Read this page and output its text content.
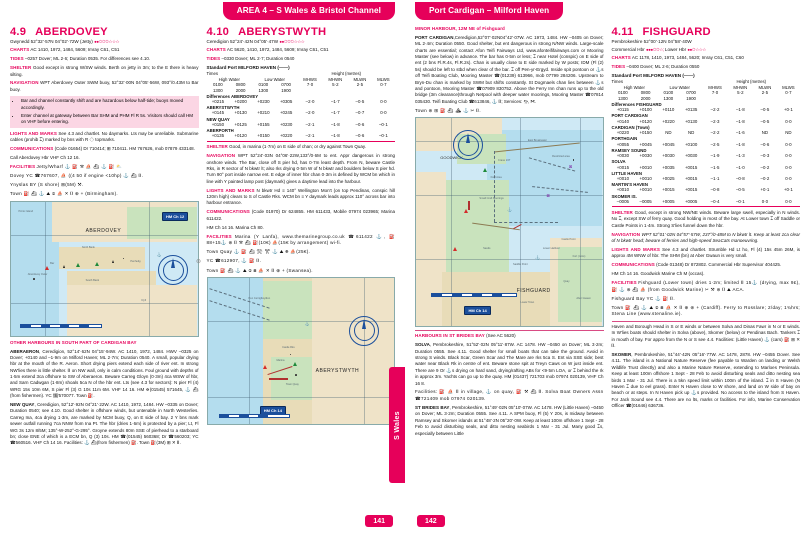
AREA 4 – S Wales & Bristol Channel
4.9 ABERDOVEY
Gwynedd 52°32'·57N 04°02'·72W (Jetty) ●●✩✩✩☆☆☆
CHARTS AC 1410, 1972, 1484, 5609; Imray C61, C51
TIDES –0257 Dover; ML 2·6; Duration 0535. For differences see 4.10.
SHELTER Good except in strong W/SW winds. Berth on jetty in 3m; to the E there is heavy silting.
NAVIGATION WPT Aberdovey Outer SWM buoy, 52°32'·00N 04°05'·56W, 093°/0.43M to Bar buoy.
• Bar and channel constantly shift and are hazardous below half-tide; buoys moved accordingly.
• Enter channel at gateway between Bar SHM and PHM Fl R 5s. Visitors should call HM on VHF before entering.
LIGHTS AND MARKS See 4.3 and chartlet. No daymarks. Lts may be unreliable. Submarine cables (prohib ⌶) marked by bns with R ◇ topmarks.
COMMUNICATIONS (Code 01654) Dr 710414; ⊞ 710411. HM 767626, mob 07879 433148.
Call Aberdovey Hbr VHF Ch 12 16.
FACILITIES Jetty/Wharf ⚓ ⛽ ⚒ ⛵ ⛴ ⚓ ⛽ ⛅
Dovey YC ☎767607, ⛵ ((4 50 if engine <10hp) ⚓ ⛴ ⌷.
Ynyslas BY (S shore) ⊞(5M) ⚒.
Town ⛽ ⛴ ⚓ ⛰ ⊛ ⛵ ✕ ⌷ ⊕ + (Birmingham).
ABERDOVEY
Picnic Island
North Bank
South Bank
Aberdovey Outer
Bar	Penhelig
Dyfi
HM Ch 12
⚓
OTHER HARBOURS IN SOUTH PART OF CARDIGAN BAY
ABERAERON, Ceredigion, 52°14'·62N 04°15'·94W. AC 1410, 1972, 1484. HWV –0325 on Dover; +0140 and –1·9m on Milford Haven; ML 2·7m; Duration 0540. A small, popular drying hbr at the mouth of the R. Aeron. Short drying piers extend each side of river ent. In strong NW'lies there is little shelter. ⌷ on NW wall, only in calm conditions. Foul ground with depths of 1·5m extend 3ca offshore to SW of Aberaeron. Beware Carreg Gloyn (0·3m) 4ca WSW of hbr, and Sarn Cadwgan (1·8m) shoals 5ca N of the hbr ent. Lts (see 4.3 for sectors): N pier Fl (4) WRG 15s 10m 6M, S pier Fl (3) G 10s 11m 6M. VHF 14 16. HM ☎(01545) 571645, ⚓ ⛴(from fishermen). YC ☎570077. Town ⛽.
NEW QUAY, Ceredigion, 52°12'·92N 04°21'·22W. AC 1410, 1972, 1484. HW –0335 on Dover; Duration 0540; see 4.10. Good shelter in offshore winds, but untenable in North Westerlies. Carreg Ina, 4ca drying 1·3m, are marked by NCM buoy, Q, on E side of bay. 2 Y bns mark sewer outfall running 7ca NNW from Ina Pt. The hbr (dries 1·6m) is protected by a pier; Lt, Fl WG 3s 12m 8/5M; 135°-W-252°-G-295°. Groyne extends 80m SSE of pierhead to a starboard bn; close ENE of which is a ECM bn, Q (3) 10s. HM ☎(01545) 560368; Dr ☎560203; YC ☎560516. VHF Ch 14 16. Facilities: ⚓ ⛴(from fishermen) ⛽. Town ⛽(3M) ⊞ ✕ ⌷.
4.10 ABERYSTWYTH
Ceredigion 52°24'·42N 04°05'·47W ●●✩✩✩☆☆☆
CHARTS AC 5620, 1410, 1972, 1484, 5609; Imray C61, C51
TIDES –0330 Dover; ML 2·7; Duration 0540
Standard Port MILFORD HAVEN (——)
Times				Height (metres)			
High Water		Low Water		MHWS	MHWN	MLWN	MLWS
0100	0800	0100	0700	7·0	5·2	2·5	0·7
1300	2000	1300	1900				
Differences ABERDOVEY							
+0215	+0200	+0230	+0305	–2·0	–1·7	–0·5	0·0
ABERYSTWYTH							
+0145	+0130	+0210	+0245	–2·0	–1·7	–0·7	0·0
NEW QUAY							
+0150	+0125	+0155	+0230	–2·1	–1·8	–0·6	–0·1
ABERPORTH							
+0135	+0120	+0150	+0220	–2·1	–1·8	–0·6	–0·1
SHELTER Good, in marina (1·7m) on E side of chan; or dry against Town Quay.
NAVIGATION WPT 52°24'·03N 04°06'·22W,133°/0·6M to ent. Appr dangerous in strong onshore winds. The Bar, close off S pier hd, has 0·7m least depth. From N, beware Castle Rks, in R sector of N bkwtr lt; also rks drying 0·5m W of N bkwtr and boulders below S pier hd. Turn 90° port inside narrow ent. E edge of inner hbr chan 0·3m is defined by WCM bn which in line with Y painted lamp post (daymark) gives a daytime lead into the harbour.
LIGHTS AND MARKS N bkwtr Hd ≡ 140° Wellington Mon't (on top Pendinas, conspic hill 120m high) clears to S of Castle Rks. WCM bn ≡ Y daymark leads approx 110° across bar into harbour entrance.
COMMUNICATIONS (Code 01970) Dr 624855. HM 611433, Mobile 07974 023965; Marina 611422.
HM Ch 14 16. Marina Ch 80.
FACILITIES Marina (Y Lanfa), www.themarinegroup.co.uk ☎611422 ⚓, ⛽88+15⚓ ⊛ ⌷ ⚒ ⛴ ⛽(10€) ⛵(15€ by arrangement) wi-fi.
Town Quay ⚓ ⛽ ⛴ ⚒ ✂ ⚓ ⛰ ⊕ ⛵(25€).
YC ☎612907, ⚓ ⛽ ⌷.
Town ⛽ ⛴ ⚓ ⛰ ⊛ ⊞ ⛵ ✕ ⌷ ⊕ + (Swansea).
ABERYSTWYTH
Pen Cerrigllwydion
Castle Rks
Marina
Town Quay
HM Ch 14
⚓
S Wales
141
⊛
Port Cardigan – Milford Haven
MINOR HARBOUR, 12M NE of Fishguard
PORT CARDIGAN,Ceredigion,52°07'·02N04°42'·07W. AC 1973, 1484. HW –0405 on Dover; ML 2·4m; Duration 0550. Good shelter, but ent dangerous in strong N/NW winds. Large-scale charts are essential; contact Afon Teifi Fairways Ltd, www.afonteififairways.com or Mooring Master (see below) in advance. The bar has 0·5m or less; ⌶ near Hotel (conspic) on E side of ent (2 bns Fl.R.4s, Fl.R.2s). Chan is usually close to E side marked by W posts; IDM (Fl (2) 5s) should be left to stbd when clear of the bar. ⌶ off Pen-yr-Ergyd. Inside spit pontoon or ⚓s off Teifi Boating Club, Mooring Master ☎(01239) 613966, mob 07799 284206. Upstream to Bryn-Du chan is marked by SWM but shifts constantly. St Dogmaels chan lies between ⚓s and pontoon, Mooring Master ☎07909 830752. Above the Ferry Inn chan runs up to the old bridge (3m clearance)through Netpool with deeper water moorings, Mooring Master ☎07814 035430. Teifi Boating Club ☎613846, ⚓ ⌷; Services: ⚒, ✂.
Town ⊛ ⊞ ⛽ ⛴ ⛰ ⚓ ✂ ⌷.
FISHGUARD
Lower Town
GOODWICK
East Breakwater
Restricted area
Foul Area
Saddle Point
Castle Point
Fort (ruins)
Lower Harbour
Aber Gwaun
Small Craft Moorings
Sands
Quay
Crane 24T
HM Ch 14
⚓
⚓
⊠
⊠
HARBOURS IN ST BRIDES BAY (See AC 5620)
SOLVA, Pembrokeshire, 51°52'·02N 05°11'·87W. AC 1478. HW –0450 on Dover; ML 3·2m; Duration 0555. See 4.11. Good shelter for small boats that can take the ground. Avoid in strong S winds. Black Scar, Green Scar and The Mare are rks 5ca S. Ent via SSE side; best water near Black Rk in centre of ent. Beware stone spit at Treyn Caws on W just inside ent. There are 9 Or ⚓s drying on hard sand, drying/rafting ABs for <9·5m LOA, or ⌶ behind the rk in approx 3m. Yachts can go up to the quay. HM (01437) 721703 mob 07974 020139, VHF Ch 16 8.
Facilities: ⛽ ⛵ ⌷ in village, ⚓ on quay, ⛽ ⚒ ⛴ ⌷. Solva Boat Owners Assn ☎721409 mob 07974 020139.
ST BRIDES BAY, Pembrokeshire, 51°49'·02N 05°10'·07W. AC 1478. HW (Little Haven) –0450 on Dover; ML 3·2m; Duration 0555. See 4.11. A SPM buoy, Fl (5) Y 20s, is midway between Ramsey and Skomer islands at 51°48'·2N 05°20'·0W. Keep at least 100m offshore 1 Sept - 28 Feb to avoid disturbing seals, and ditto nesting seabirds 1 Mar - 31 Jul. Many good ⌶s, especially between Little
4.11 FISHGUARD
Pembrokeshire 52°00'·12N 04°58'·40W
Commercial Hbr ●●●✩✩☆; Lower Hbr ●●✩☆☆☆
CHARTS AC 1178, 1410, 1973, 1484, 5620; Imray C61, C51, C60
TIDES –0400 Dover; ML 2·6; Duration 0550
Standard Port MILFORD HAVEN (——)
Times				Height (metres)			
High Water		Low Water		MHWS	MHWN	MLWN	MLWS
0100	0800	0100	0700	7·0	5·2	2·5	0·7
1300	2000	1300	1900				
Differences FISHGUARD							
+0115	+0100	+0110	+0135	–2·2	–1·8	–0·5	+0·1
PORT CARDIGAN							
+0140	+0120	+0220	+0130	–2·3	–1·8	–0·5	0·0
CARDIGAN (Town)							
+0220	+0150	ND	ND	–2·2	–1·6	ND	ND
PORTHGAIN							
+0055	+0045	+0045	+0100	–2·5	–1·8	–0·6	0·0
RAMSEY SOUND							
+0030	+0030	+0030	+0030	–1·9	–1·3	–0·3	0·0
SOLVA							
+0015	+0010	+0035	+0015	–1·5	–1·0	–0·2	0·0
LITTLE HAVEN							
+0010	+0010	+0025	+0015	–1·1	–0·8	–0·2	0·0
MARTIN'S HAVEN							
+0010	+0010	+0015	+0015	–0·8	–0·5	+0·1	+0·1
SKOMER IS.							
–0005	–0005	+0005	+0005	–0·4	–0·1	0·0	0·0
SHELTER Good, except in strong NW/NE winds. Beware large swell, especially in N winds. No ⌶, except SW of ferry quay. Good holding in most of the bay. At Lower town ⌶ off Saddle or Castle Points in 1·4m. Strong S'lies funnel down the hbr.
NAVIGATION WPT 52°01'·02N 04°57'·57W, 237°/0·48M to N bkwtr lt. Keep at least 1ca clear of N bkwtr head; beware of ferries and high-speed SeaCats manoeuvring.
LIGHTS AND MARKS See 4.3 and chartlet. Strumble Hd Lt ho, Fl (4) 15s 45m 26M, is approx 4M WNW of hbr. The SHM (bn) at Aber Gwaun is very small.
COMMUNICATIONS (Code 01348) Dr 872802. Commercial Hbr Supervisor 404425.
HM Ch 14 16. Goodwick Marine Ch M (occas).
FACILITIES Fishguard (Lower town) dries 1·2m; limited ⌷ 15⚓ (drying, max 9£), ⛽ ⚓ ⊛ ⛴ ⛵ (from Goodwick Marine) ✂ ⚒ ⊛ ⌷ ⛰ ACA.
Fishguard Bay YC ⚓ ⛽ ⌷.
Town ⛽ ⛴ ⚓ ⛰ ⊛ ⊞ ⛵ ✕ ⌷ ⊕ ⊛ + (Cardiff). Ferry to Rosslare; 2/day; 1¾hrs; Stena Line (www.stenaline.ie).
Haven and Borough Head in S or E winds or between Solva and Dinas Fawr in N or E winds. In W'lies boats should shelter in Solva (above), Skomer (below) or Pendinas Bach. Tankers ⌶ in mouth of bay. For appro from the N or S see 4.4. Facilities: (Little Haven) ⚓ (cars) ⛽ ⊞ ✕ ⌷.
SKOMER, Pembrokeshire, 51°44'·42N 05°16'·77W. AC 1478, 2878. HW –0455 Dover. See 4.11. The island is a National Nature Reserve (fee payable to Warden on landing or Welsh Wildlife Trust directly) and also a Marine Nature Reserve, extending to Marloes Peninsula. Keep at least 100m offshore 1 Sept - 28 Feb to avoid disturbing seals and ditto nesting sea birds 1 Mar - 31 Jul. There is a 5kn speed limit within 100m of the island. ⌶ in S Haven (N Haven ⌶ due to eel grass). Enter N Haven close to W shore, and land on W side of bay on beach or at steps. In N Haven pick up ⚓s provided. No access to the island from S Haven. For Jack Sound see 4.4. There are no lts, marks or facilities. For info, Marine Conservation Officer ☎(01646) 636736.
142
